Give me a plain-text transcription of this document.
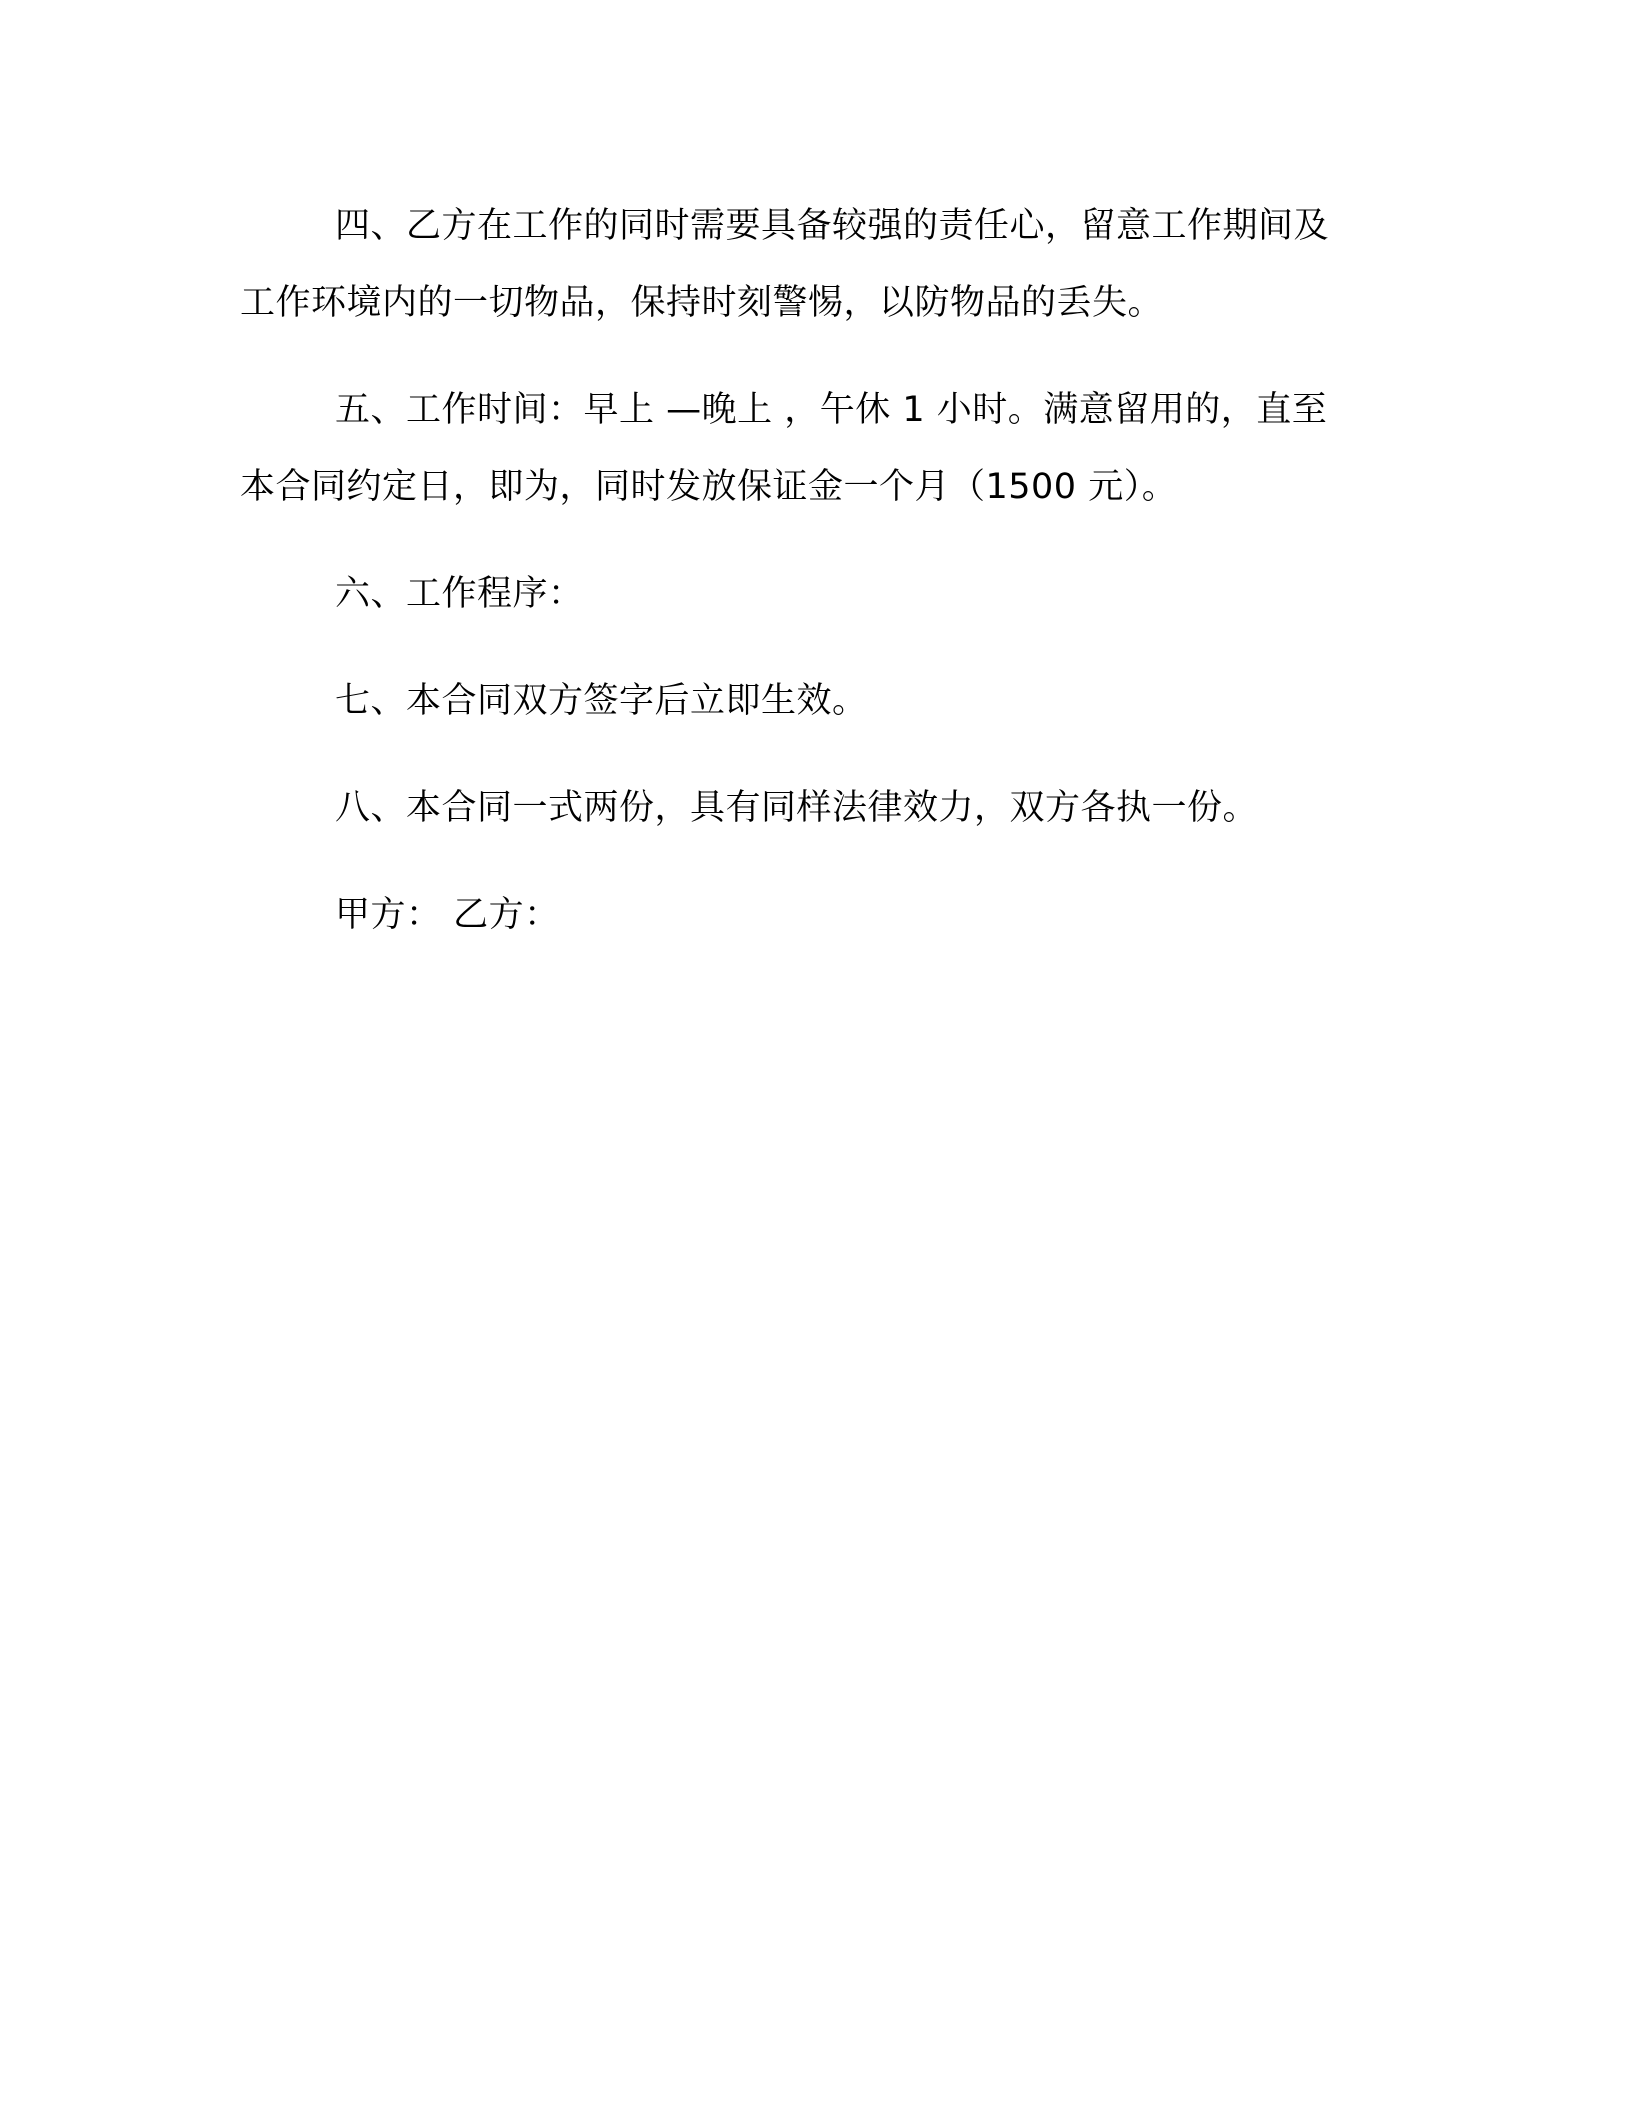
四、乙方在工作的同时需要具备较强的责任心，留意工作期间及
工作环境内的一切物品，保持时刻警惕，以防物品的丢失。

五、工作时间：早上 —晚上 ，午休 1 小时。满意留用的，直至
本合同约定日，即为，同时发放保证金一个月（1500 元）。

六、工作程序：

七、本合同双方签字后立即生效。

八、本合同一式两份，具有同样法律效力，双方各执一份。

甲方： 乙方：
